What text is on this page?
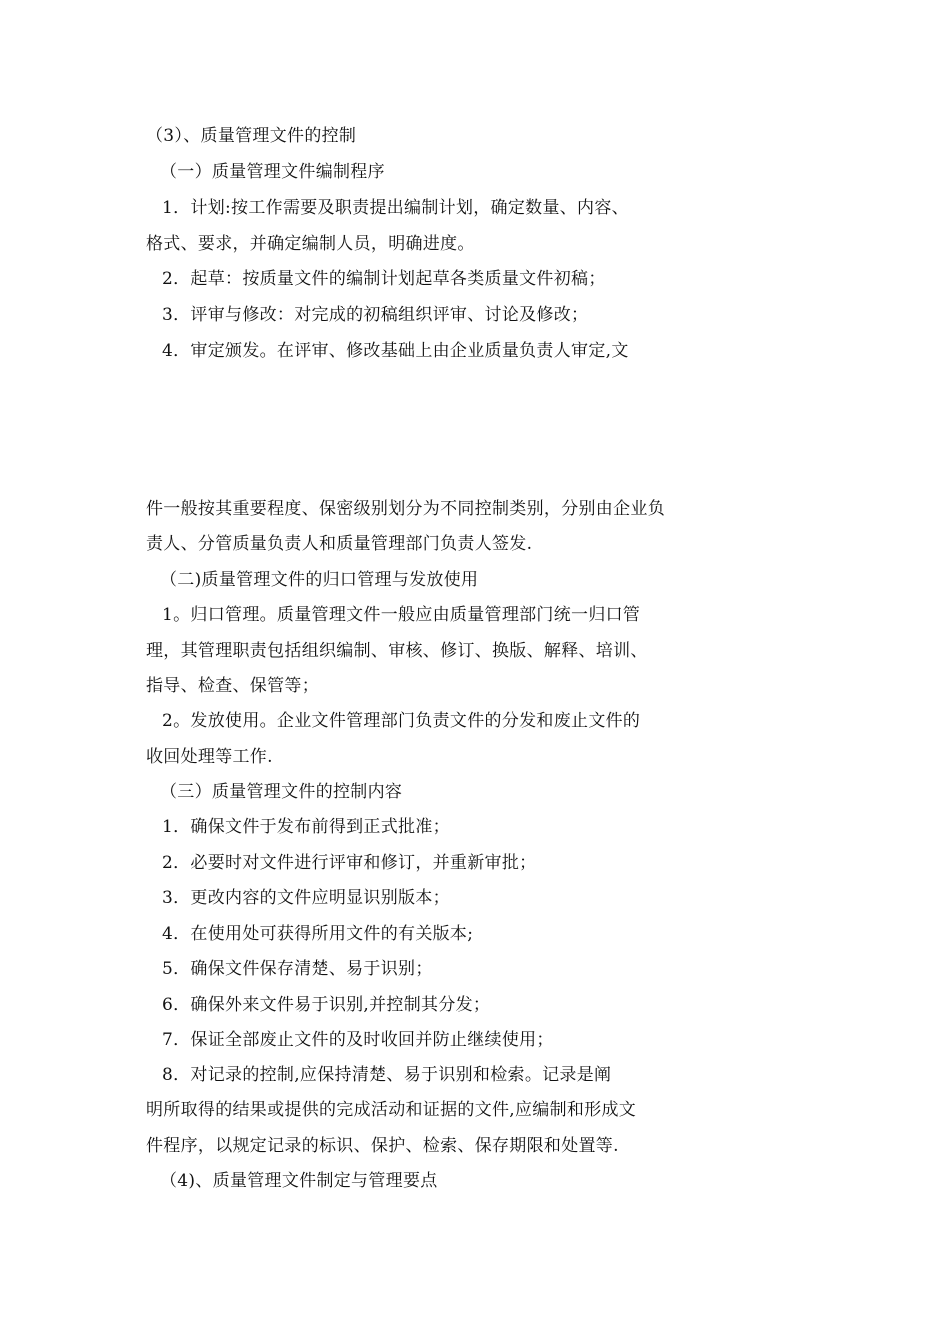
（3）、质量管理文件的控制
（一）质量管理文件编制程序
1．计划:按工作需要及职责提出编制计划，确定数量、内容、
格式、要求，并确定编制人员，明确进度。
2．起草：按质量文件的编制计划起草各类质量文件初稿；
3．评审与修改：对完成的初稿组织评审、讨论及修改；
4．审定颁发。在评审、修改基础上由企业质量负责人审定,文
件一般按其重要程度、保密级别划分为不同控制类别，分别由企业负
责人、分管质量负责人和质量管理部门负责人签发.
（二)质量管理文件的归口管理与发放使用
1。归口管理。质量管理文件一般应由质量管理部门统一归口管
理，其管理职责包括组织编制、审核、修订、换版、解释、培训、
指导、检查、保管等；
2。发放使用。企业文件管理部门负责文件的分发和废止文件的
收回处理等工作.
（三）质量管理文件的控制内容
1．确保文件于发布前得到正式批准；
2．必要时对文件进行评审和修订，并重新审批；
3．更改内容的文件应明显识别版本；
4．在使用处可获得所用文件的有关版本;
5．确保文件保存清楚、易于识别；
6．确保外来文件易于识别,并控制其分发；
7．保证全部废止文件的及时收回并防止继续使用；
8．对记录的控制,应保持清楚、易于识别和检索。记录是阐
明所取得的结果或提供的完成活动和证据的文件,应编制和形成文
件程序，以规定记录的标识、保护、检索、保存期限和处置等.
（4)、质量管理文件制定与管理要点
